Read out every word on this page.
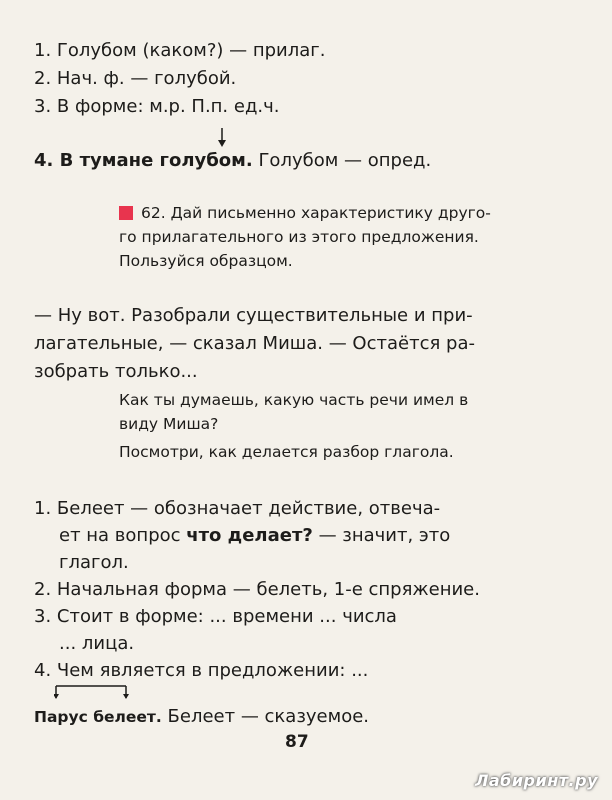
1. Голубом (каком?) — прилаг.
2. Нач. ф. — голубой.
3. В форме: м.р. П.п. ед.ч.
4. В тумане голубом. Голубом — опред.
62. Дай письменно характеристику друго-
го прилагательного из этого предложения.
Пользуйся образцом.
— Ну вот. Разобрали существительные и при-
лагательные, — сказал Миша. — Остаётся ра-
зобрать только...
Как ты думаешь, какую часть речи имел в
виду Миша?
Посмотри, как делается разбор глагола.
1. Белеет — обозначает действие, отвеча-
ет на вопрос что делает? — значит, это
глагол.
2. Начальная форма — белеть, 1-е спряжение.
3. Стоит в форме: ... времени ... числа
... лица.
4. Чем является в предложении: ...
Парус белеет. Белеет — сказуемое.
87
Лабиринт.ру
